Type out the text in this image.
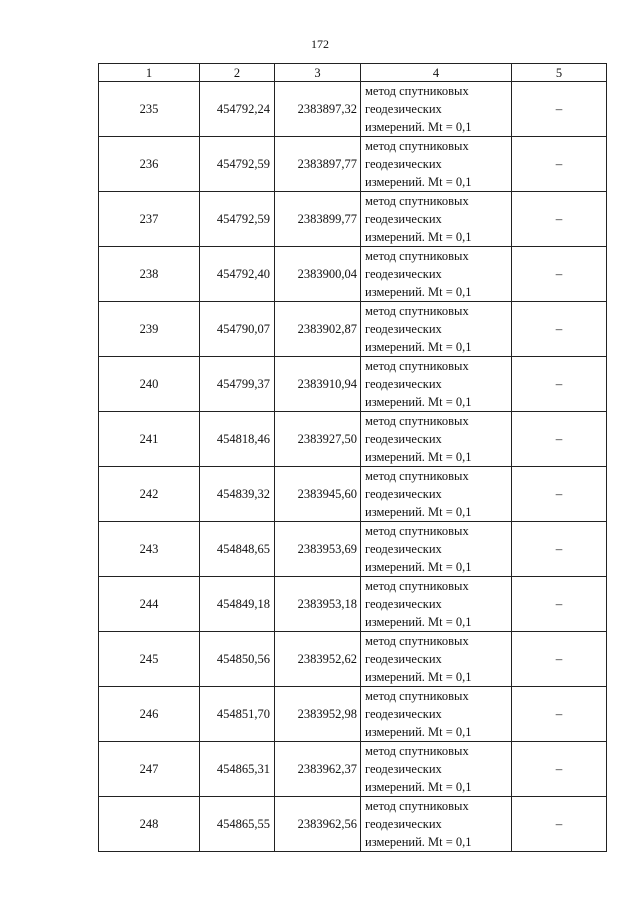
172
1	2	3	4	5
235	454792,24	2383897,32	метод спутниковых
геодезических
измерений. Mt = 0,1	–
236	454792,59	2383897,77	метод спутниковых
геодезических
измерений. Mt = 0,1	–
237	454792,59	2383899,77	метод спутниковых
геодезических
измерений. Mt = 0,1	–
238	454792,40	2383900,04	метод спутниковых
геодезических
измерений. Mt = 0,1	–
239	454790,07	2383902,87	метод спутниковых
геодезических
измерений. Mt = 0,1	–
240	454799,37	2383910,94	метод спутниковых
геодезических
измерений. Mt = 0,1	–
241	454818,46	2383927,50	метод спутниковых
геодезических
измерений. Mt = 0,1	–
242	454839,32	2383945,60	метод спутниковых
геодезических
измерений. Mt = 0,1	–
243	454848,65	2383953,69	метод спутниковых
геодезических
измерений. Mt = 0,1	–
244	454849,18	2383953,18	метод спутниковых
геодезических
измерений. Mt = 0,1	–
245	454850,56	2383952,62	метод спутниковых
геодезических
измерений. Mt = 0,1	–
246	454851,70	2383952,98	метод спутниковых
геодезических
измерений. Mt = 0,1	–
247	454865,31	2383962,37	метод спутниковых
геодезических
измерений. Mt = 0,1	–
248	454865,55	2383962,56	метод спутниковых
геодезических
измерений. Mt = 0,1	–
